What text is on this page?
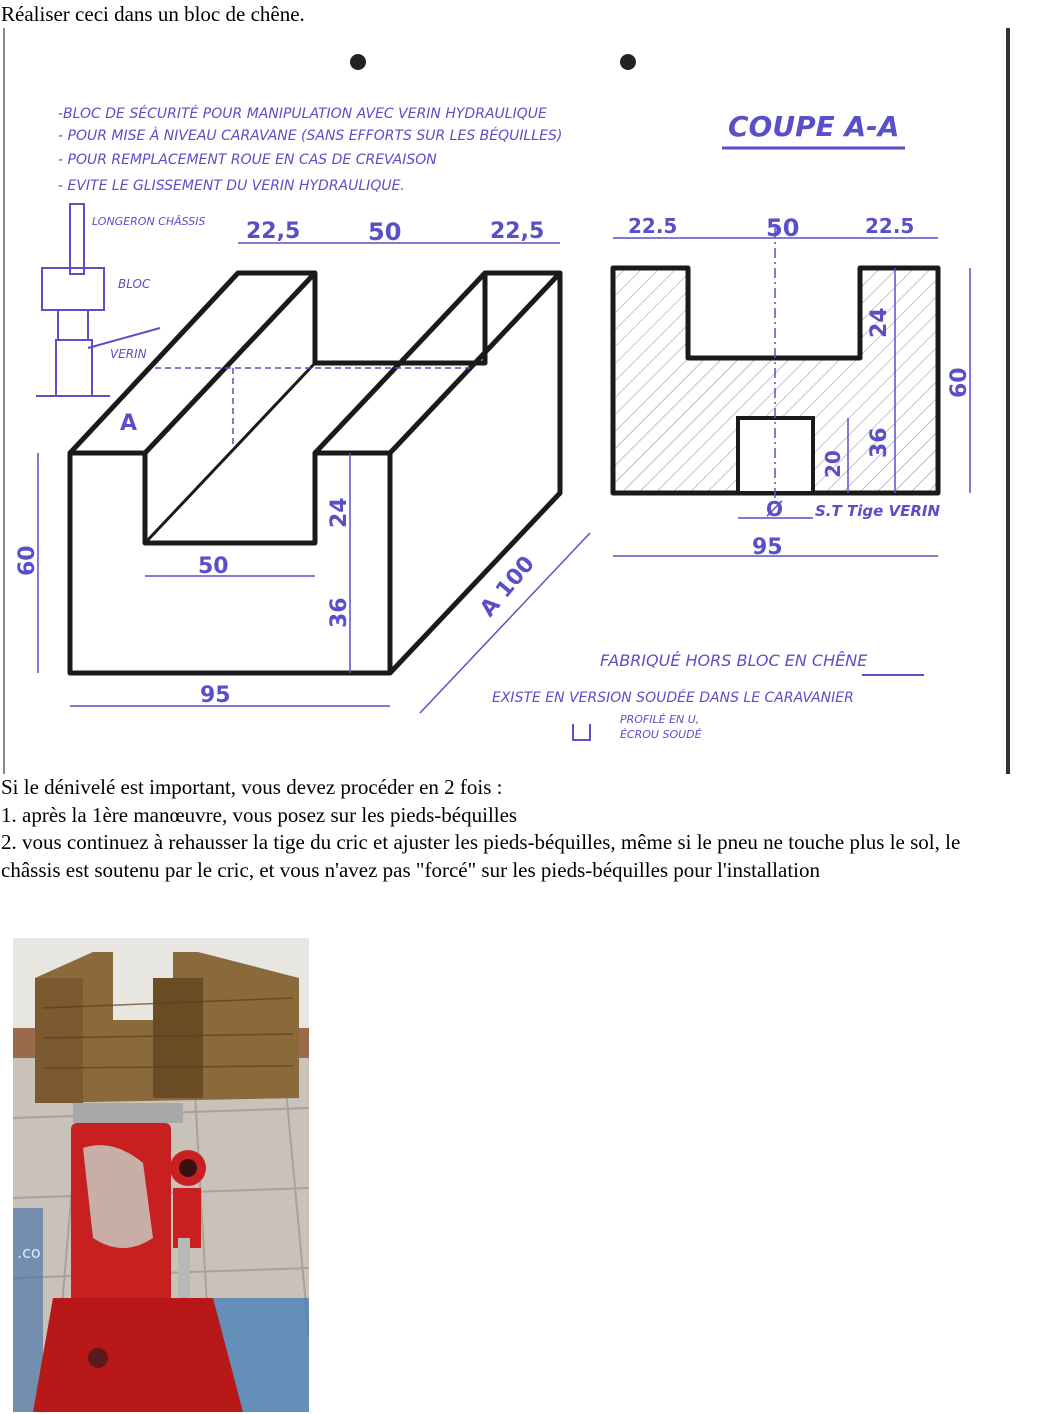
Réaliser ceci dans un bloc de chêne.
-BLOC DE SÉCURITÉ POUR MANIPULATION AVEC VERIN HYDRAULIQUE
- POUR MISE À NIVEAU CARAVANE (SANS EFFORTS SUR LES BÉQUILLES)
- POUR REMPLACEMENT ROUE EN CAS DE CREVAISON
- EVITE LE GLISSEMENT DU VERIN HYDRAULIQUE.
COUPE A-A
LONGERON CHÂSSIS
BLOC
VERIN
22,5	50	22,5
A
50
60
24
36
95
A 100
22.5	50	22.5
24
60
20
36
Ø S.T Tige VERIN
95
FABRIQUÉ HORS BLOC EN CHÊNE
EXISTE EN VERSION SOUDÉE DANS LE CARAVANIER
PROFILÉ EN U,
ÉCROU SOUDÉ
Si le dénivelé est important, vous devez procéder en 2 fois :
1. après la 1ère manœuvre, vous posez sur les pieds-béquilles
2. vous continuez à rehausser la tige du cric et ajuster les pieds-béquilles, même si le pneu ne touche plus le sol, le châssis est soutenu par le cric, et vous n'avez pas "forcé" sur les pieds-béquilles pour l'installation
.co
